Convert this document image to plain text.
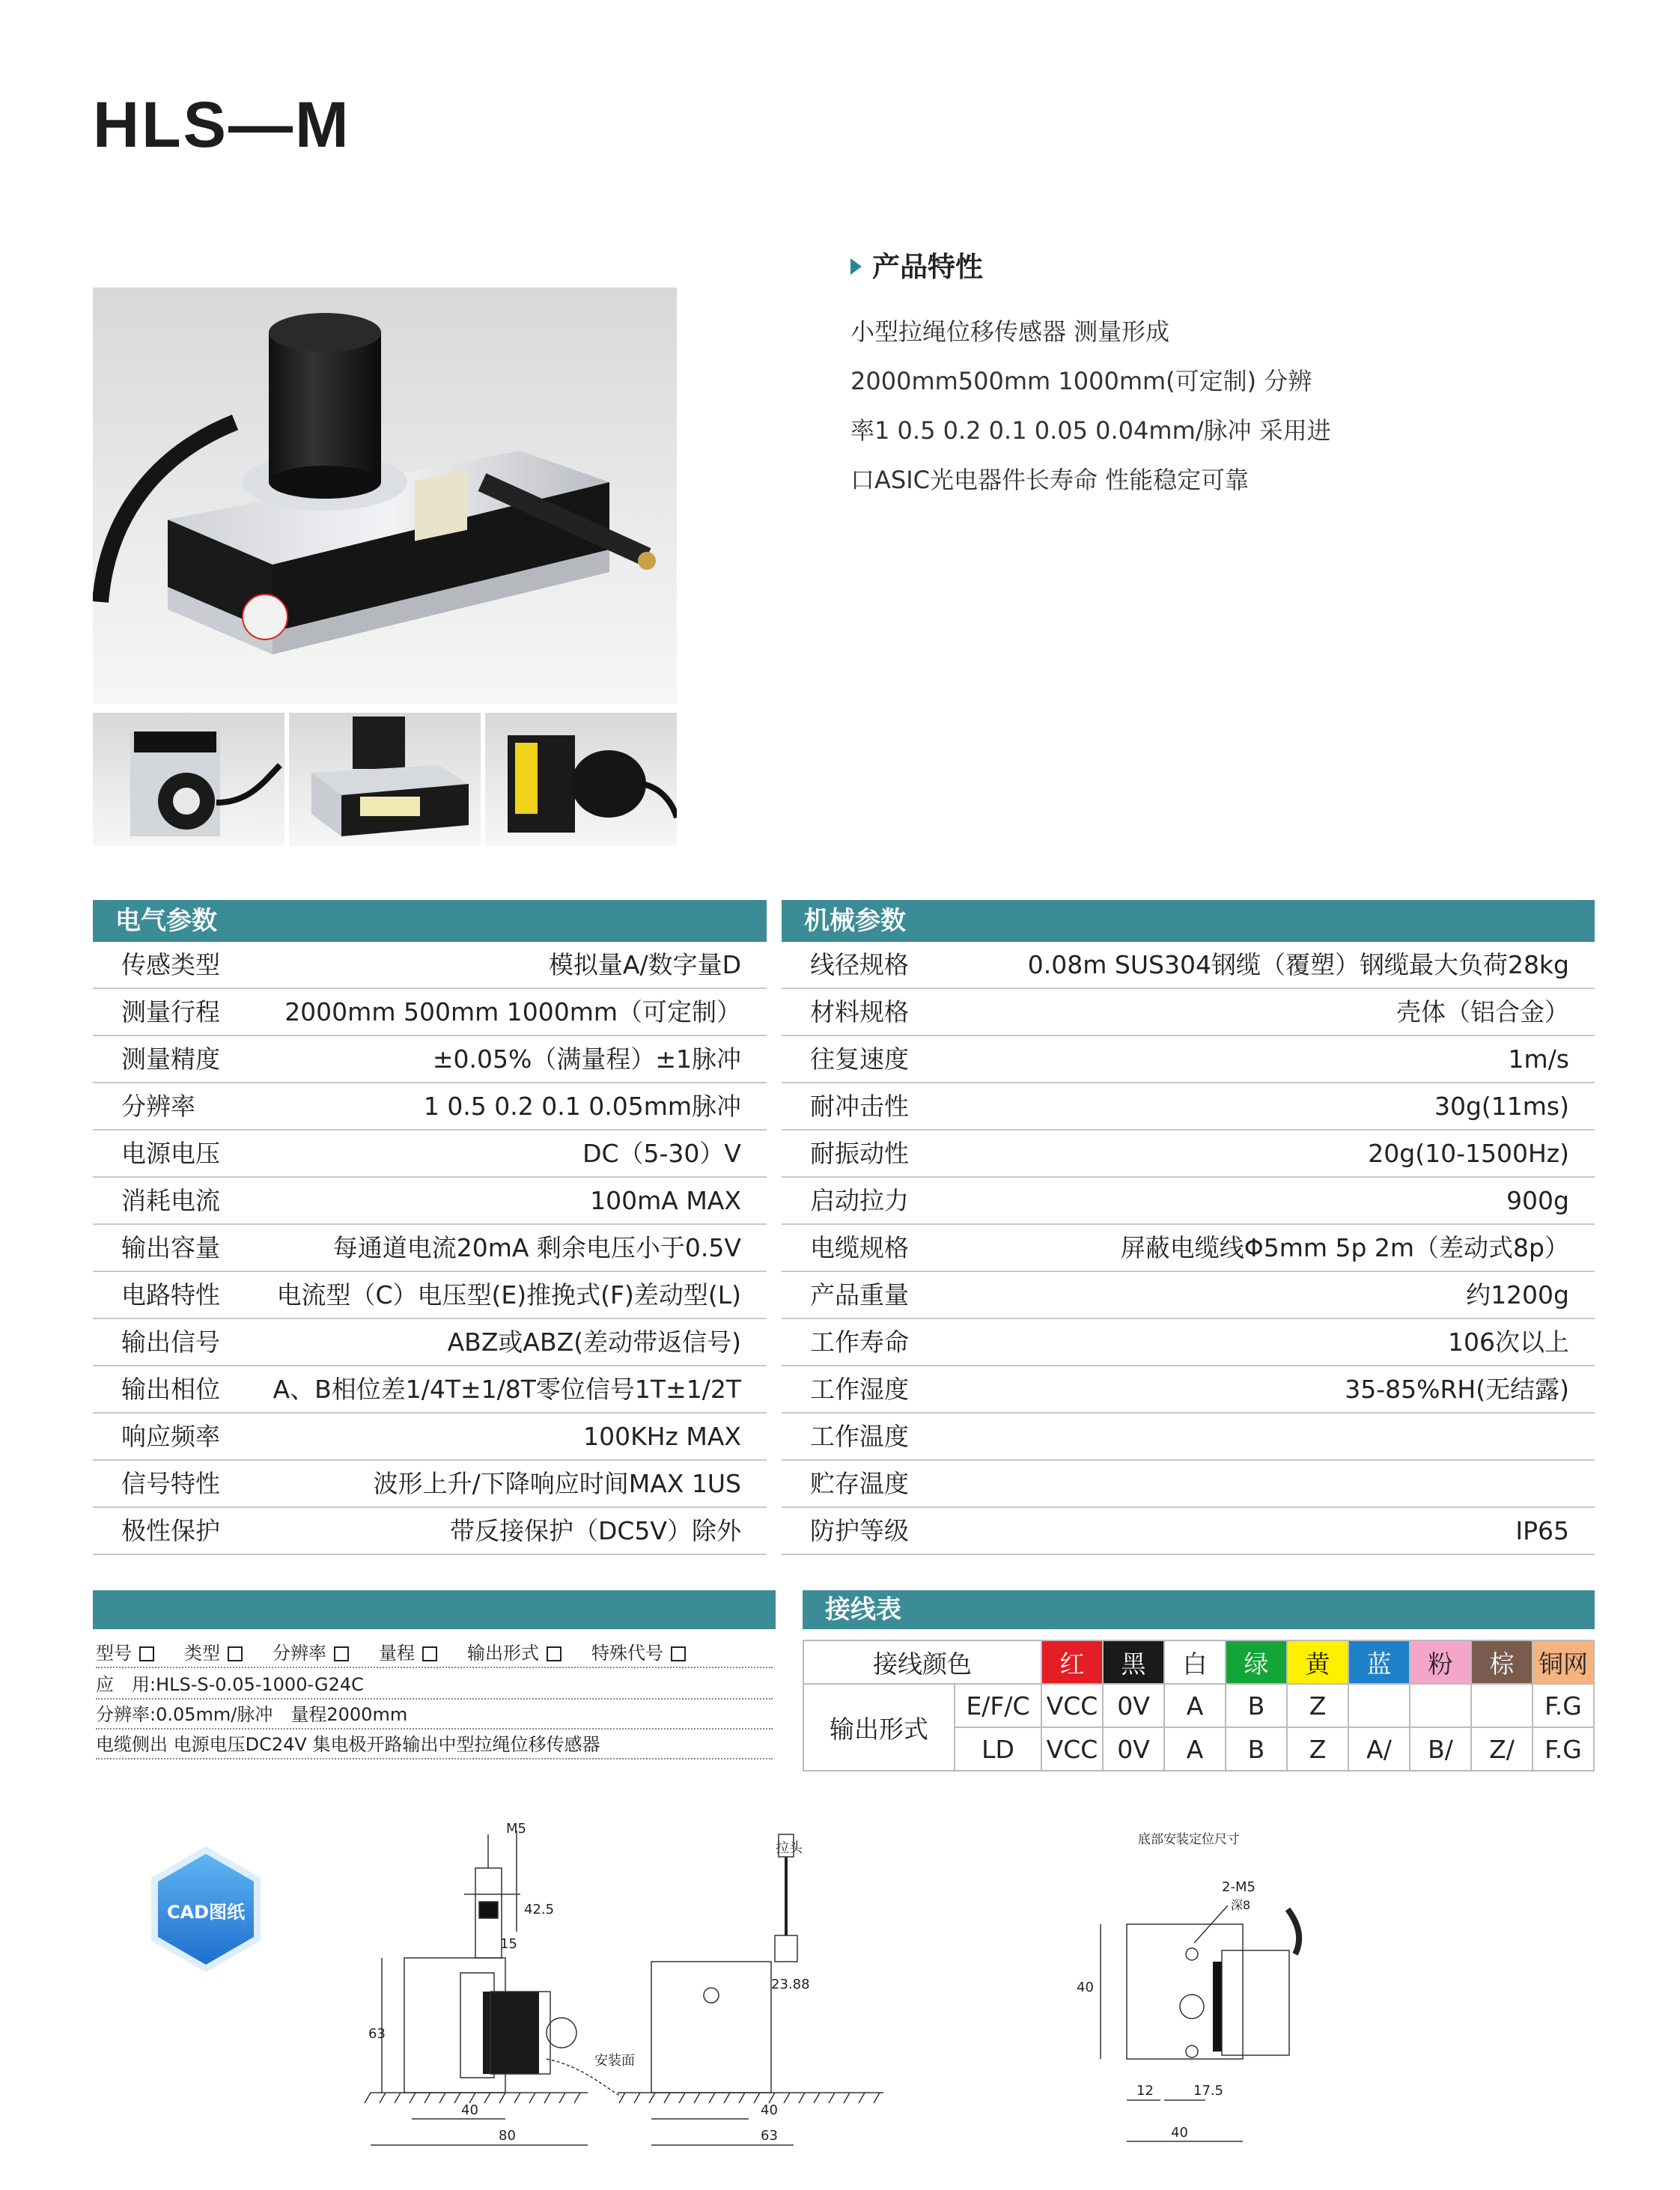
HLS—M
产品特性
小型拉绳位移传感器 测量形成
2000mm500mm 1000mm(可定制) 分辨
率1 0.5 0.2 0.1 0.05 0.04mm/脉冲 采用进
口ASIC光电器件长寿命 性能稳定可靠
电气参数
传感类型	模拟量A/数字量D
测量行程	2000mm 500mm 1000mm（可定制）
测量精度	±0.05%（满量程）±1脉冲
分辨率	1 0.5 0.2 0.1 0.05mm脉冲
电源电压	DC（5-30）V
消耗电流	100mA MAX
输出容量	每通道电流20mA 剩余电压小于0.5V
电路特性 电流型（C）电压型(E)推挽式(F)差动型(L)
输出信号	ABZ或ABZ(差动带返信号)
输出相位 A、B相位差1/4T±1/8T零位信号1T±1/2T
响应频率	100KHz MAX
信号特性	波形上升/下降响应时间MAX 1US
极性保护	带反接保护（DC5V）除外
机械参数
线径规格	0.08m SUS304钢缆（覆塑）钢缆最大负荷28kg
材料规格	壳体（铝合金）
往复速度	1m/s
耐冲击性	30g(11ms)
耐振动性	20g(10-1500Hz)
启动拉力	900g
电缆规格	屏蔽电缆线Φ5mm 5p 2m（差动式8p）
产品重量	约1200g
工作寿命	106次以上
工作湿度	35-85%RH(无结露)
工作温度
贮存温度
防护等级	IP65
型号	类型	分辨率	量程	输出形式	特殊代号
应　用:HLS-S-0.05-1000-G24C
分辨率:0.05mm/脉冲　量程2000mm
电缆侧出 电源电压DC24V 集电极开路输出中型拉绳位移传感器
接线表
接线颜色		红	黑	白	绿	黄	蓝	粉	棕	铜网
输出形式	E/F/C	VCC	0V	A	B	Z				F.G
	LD	VCC	0V	A	B	Z	A/	B/	Z/	F.G
CAD图纸
M5
42.5
15
63
40
80
安装面
拉头
23.88
40
63
底部安装定位尺寸
2-M5
深8
40
12	17.5
40
